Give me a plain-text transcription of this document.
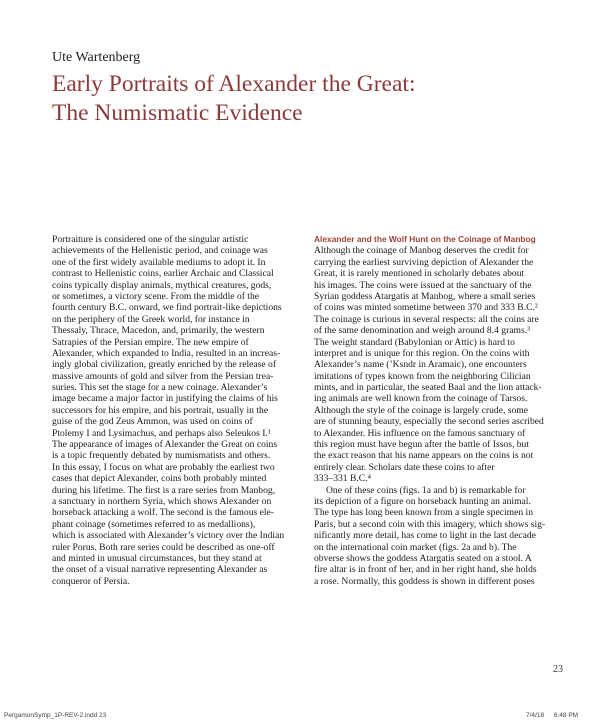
Ute Wartenberg
Early Portraits of Alexander the Great:
The Numismatic Evidence
Portraiture is considered one of the singular artistic
achievements of the Hellenistic period, and coinage was
one of the first widely available mediums to adopt it. In
contrast to Hellenistic coins, earlier Archaic and Classical
coins typically display animals, mythical creatures, gods,
or sometimes, a victory scene. From the middle of the
fourth century B.C. onward, we find portrait-like depictions
on the periphery of the Greek world, for instance in
Thessaly, Thrace, Macedon, and, primarily, the western
Satrapies of the Persian empire. The new empire of
Alexander, which expanded to India, resulted in an increas-
ingly global civilization, greatly enriched by the release of
massive amounts of gold and silver from the Persian trea-
suries. This set the stage for a new coinage. Alexander’s
image became a major factor in justifying the claims of his
successors for his empire, and his portrait, usually in the
guise of the god Zeus Ammon, was used on coins of
Ptolemy I and Lysimachus, and perhaps also Seleukos I.¹
The appearance of images of Alexander the Great on coins
is a topic frequently debated by numismatists and others.
In this essay, I focus on what are probably the earliest two
cases that depict Alexander, coins both probably minted
during his lifetime. The first is a rare series from Manbog,
a sanctuary in northern Syria, which shows Alexander on
horseback attacking a wolf. The second is the famous ele-
phant coinage (sometimes referred to as medallions),
which is associated with Alexander’s victory over the Indian
ruler Porus. Both rare series could be described as one-off
and minted in unusual circumstances, but they stand at
the onset of a visual narrative representing Alexander as
conqueror of Persia.
Alexander and the Wolf Hunt on the Coinage of Manbog
Although the coinage of Manbog deserves the credit for
carrying the earliest surviving depiction of Alexander the
Great, it is rarely mentioned in scholarly debates about
his images. The coins were issued at the sanctuary of the
Syrian goddess Atargatis at Manbog, where a small series
of coins was minted sometime between 370 and 333 B.C.²
The coinage is curious in several respects: all the coins are
of the same denomination and weigh around 8.4 grams.³
The weight standard (Babylonian or Attic) is hard to
interpret and is unique for this region. On the coins with
Alexander’s name (’Ksndr in Aramaic), one encounters
imitations of types known from the neighboring Cilician
mints, and in particular, the seated Baal and the lion attack-
ing animals are well known from the coinage of Tarsos.
Although the style of the coinage is largely crude, some
are of stunning beauty, especially the second series ascribed
to Alexander. His influence on the famous sanctuary of
this region must have begun after the battle of Issos, but
the exact reason that his name appears on the coins is not
entirely clear. Scholars date these coins to after
333–331 B.C.⁴
One of these coins (figs. 1a and b) is remarkable for
its depiction of a figure on horseback hunting an animal.
The type has long been known from a single specimen in
Paris, but a second coin with this imagery, which shows sig-
nificantly more detail, has come to light in the last decade
on the international coin market (figs. 2a and b). The
obverse shows the goddess Atargatis seated on a stool. A
fire altar is in front of her, and in her right hand, she holds
a rose. Normally, this goddess is shown in different poses
23
PergamonSymp_1P-REV-2.indd 23	7/4/18 6:48 PM
